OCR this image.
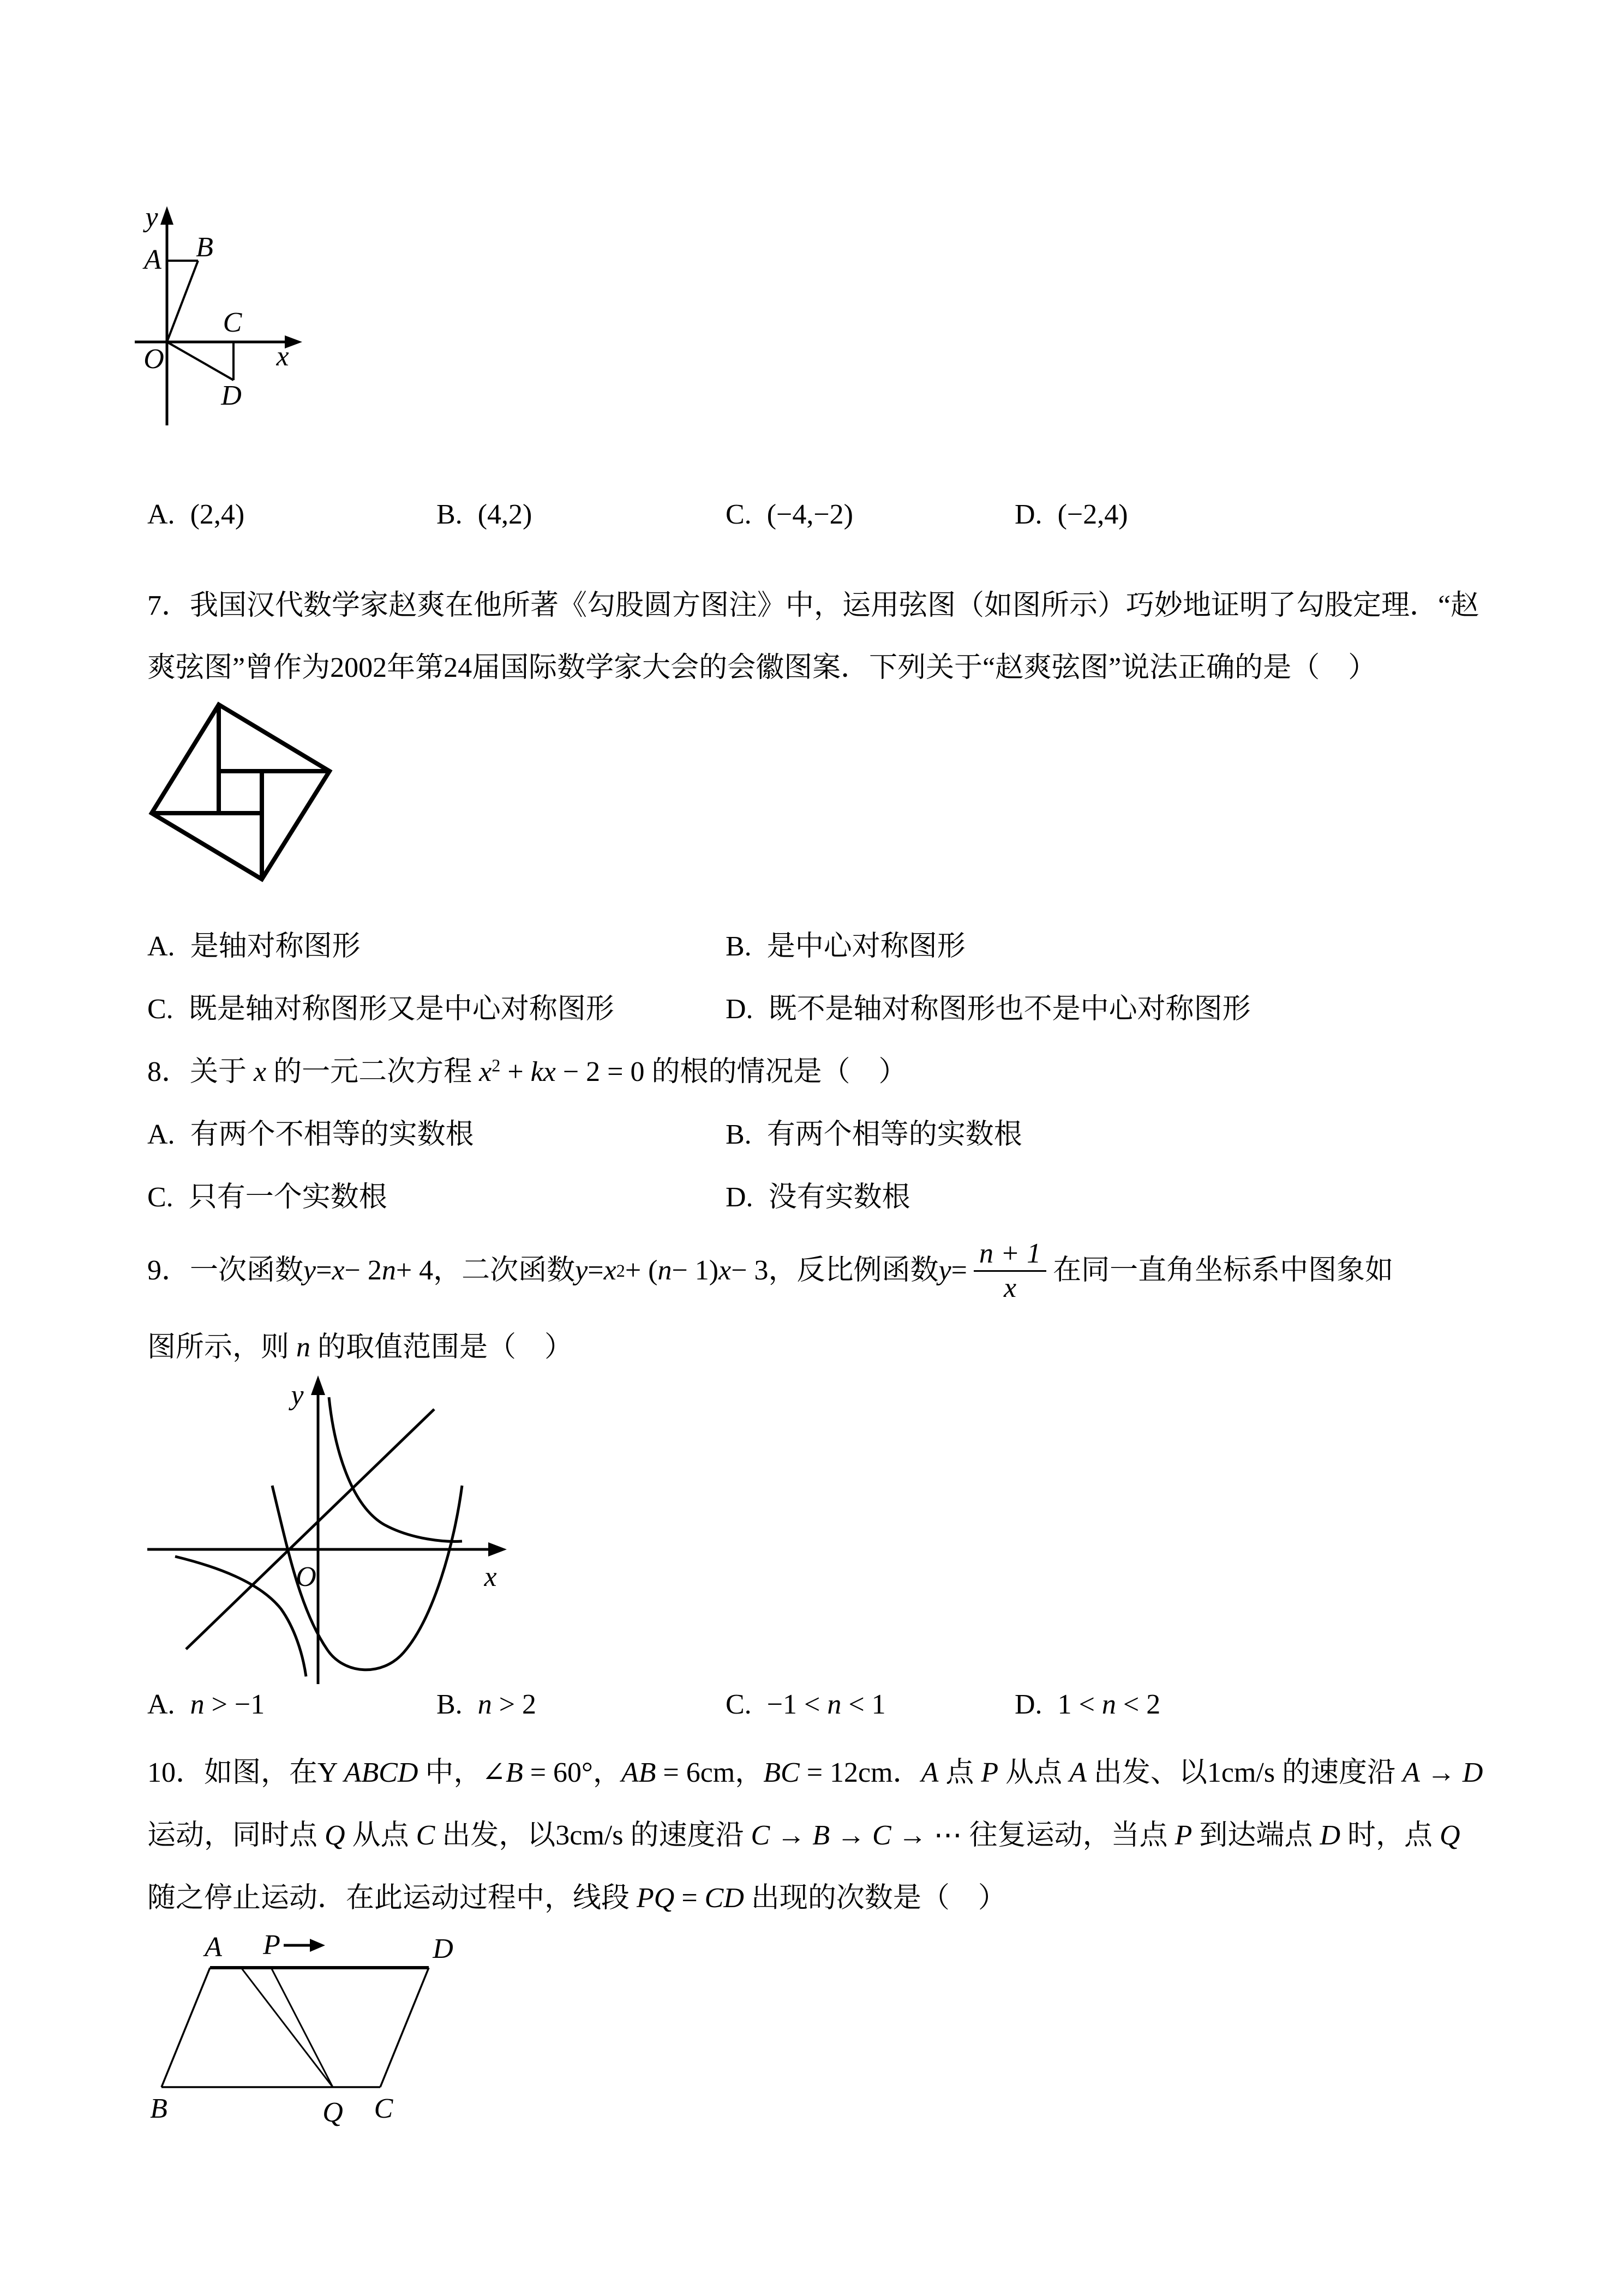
y
x
O
A B
C
D
A. (2,4)	B. (4,2)	C. (−4,−2)	D. (−2,4)
7．我国汉代数学家赵爽在他所著《勾股圆方图注》中，运用弦图（如图所示）巧妙地证明了勾股定理．“赵
爽弦图”曾作为2002年第24届国际数学家大会的会徽图案．下列关于“赵爽弦图”说法正确的是（　）
A. 是轴对称图形	B. 是中心对称图形
C. 既是轴对称图形又是中心对称图形	D. 既不是轴对称图形也不是中心对称图形
8．关于 x 的一元二次方程 $x^2$ + kx − 2 = 0 的根的情况是（　）
A. 有两个不相等的实数根	B. 有两个相等的实数根
C. 只有一个实数根	D. 没有实数根
9．一次函数 y = x − 2 n + 4，二次函数 y = x 2 + ( n − 1) x − 3，反比例函数 $y = \frac{n + 1}{x}$ 在同一直角坐标系中图象如
图所示，则 n 的取值范围是（　）
y
x
O
A. n > −1	B. n > 2	C. −1 < n < 1	D. 1 < n < 2
10．如图，在Y ABCD 中，∠B = 60°，AB = 6cm，BC = 12cm．A 点 P 从点 A 出发、以1cm/s 的速度沿 A → D
运动，同时点 Q 从点 C 出发，以3cm/s 的速度沿 C → B → C → ⋯ 往复运动，当点 P 到达端点 D 时，点 Q
随之停止运动．在此运动过程中，线段 PQ = CD 出现的次数是（　）
A P	D
B	Q C
